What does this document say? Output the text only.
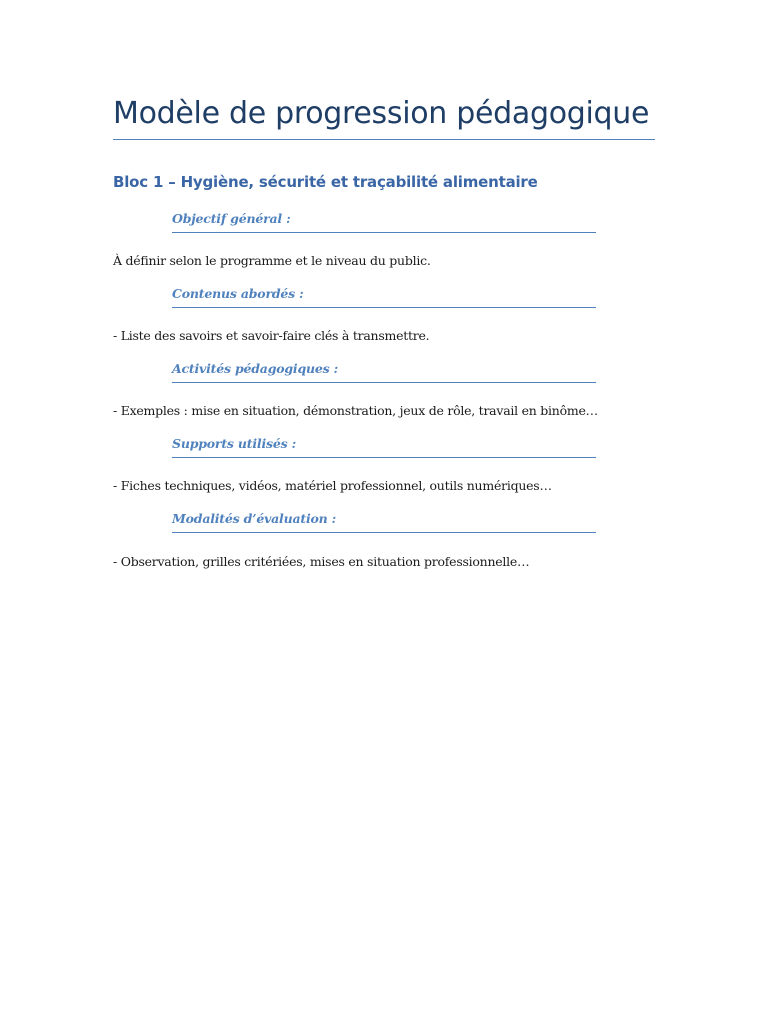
Modèle de progression pédagogique
Bloc 1 – Hygiène, sécurité et traçabilité alimentaire
Objectif général :
À définir selon le programme et le niveau du public.
Contenus abordés :
- Liste des savoirs et savoir-faire clés à transmettre.
Activités pédagogiques :
- Exemples : mise en situation, démonstration, jeux de rôle, travail en binôme…
Supports utilisés :
- Fiches techniques, vidéos, matériel professionnel, outils numériques…
Modalités d’évaluation :
- Observation, grilles critériées, mises en situation professionnelle…
